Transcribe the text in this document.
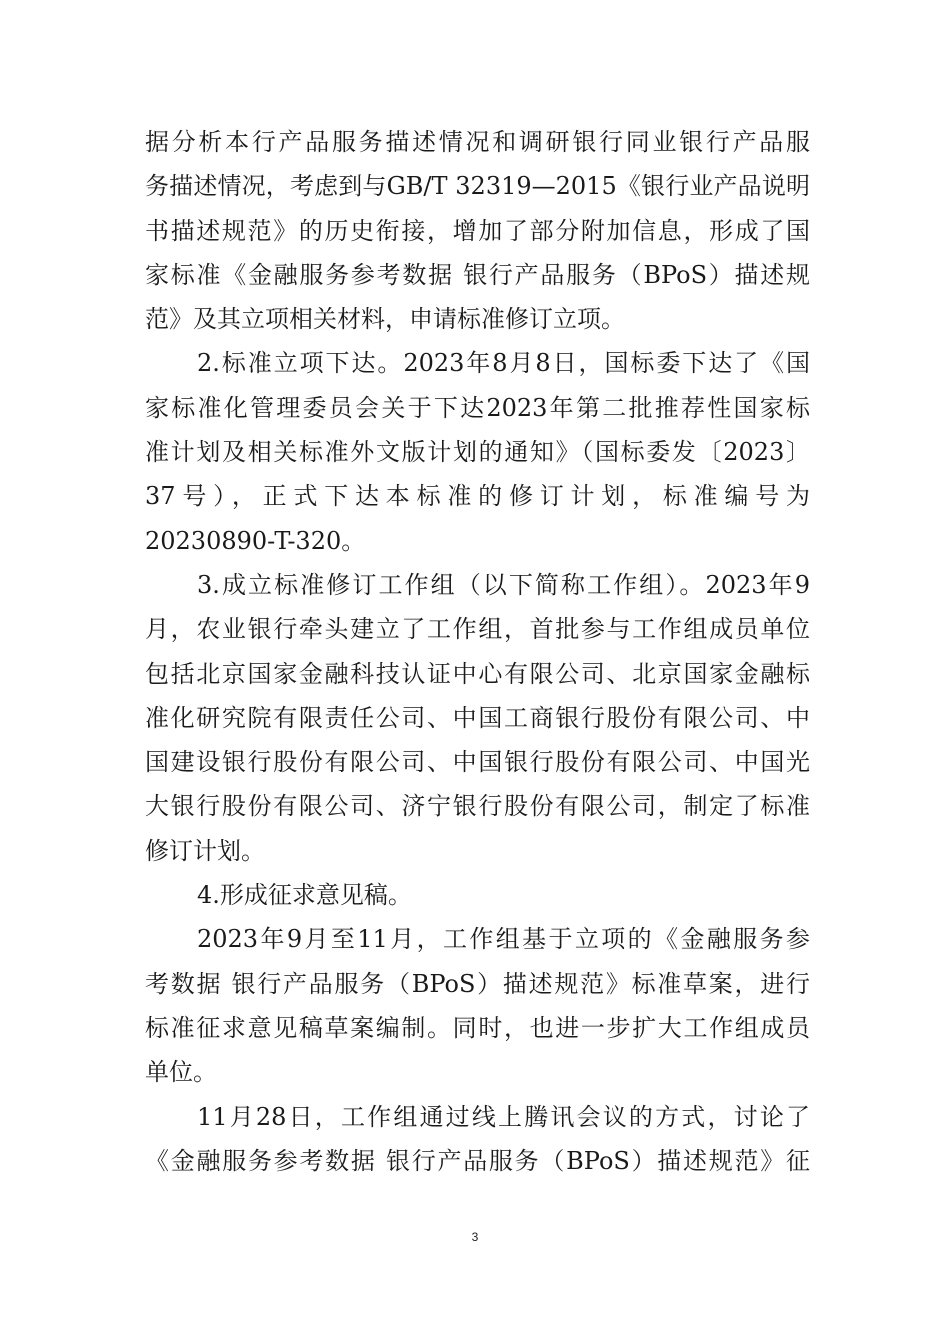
据分析本行产品服务描述情况和调研银行同业银行产品服
务描述情况，考虑到与GB/T 32319—2015《银行业产品说明
书描述规范》的历史衔接，增加了部分附加信息，形成了国
家标准《金融服务参考数据 银行产品服务（BPoS）描述规
范》及其立项相关材料，申请标准修订立项。
2.标准立项下达。2023年8月8日，国标委下达了《国
家标准化管理委员会关于下达2023年第二批推荐性国家标
准计划及相关标准外文版计划的通知》（国标委发〔2023〕
37号），正式下达本标准的修订计划，标准编号为
20230890-T-320。
3.成立标准修订工作组（以下简称工作组）。2023年9
月，农业银行牵头建立了工作组，首批参与工作组成员单位
包括北京国家金融科技认证中心有限公司、北京国家金融标
准化研究院有限责任公司、中国工商银行股份有限公司、中
国建设银行股份有限公司、中国银行股份有限公司、中国光
大银行股份有限公司、济宁银行股份有限公司，制定了标准
修订计划。
4.形成征求意见稿。
2023年9月至11月，工作组基于立项的《金融服务参
考数据 银行产品服务（BPoS）描述规范》标准草案，进行
标准征求意见稿草案编制。同时，也进一步扩大工作组成员
单位。
11月28日，工作组通过线上腾讯会议的方式，讨论了
《金融服务参考数据 银行产品服务（BPoS）描述规范》征
3
